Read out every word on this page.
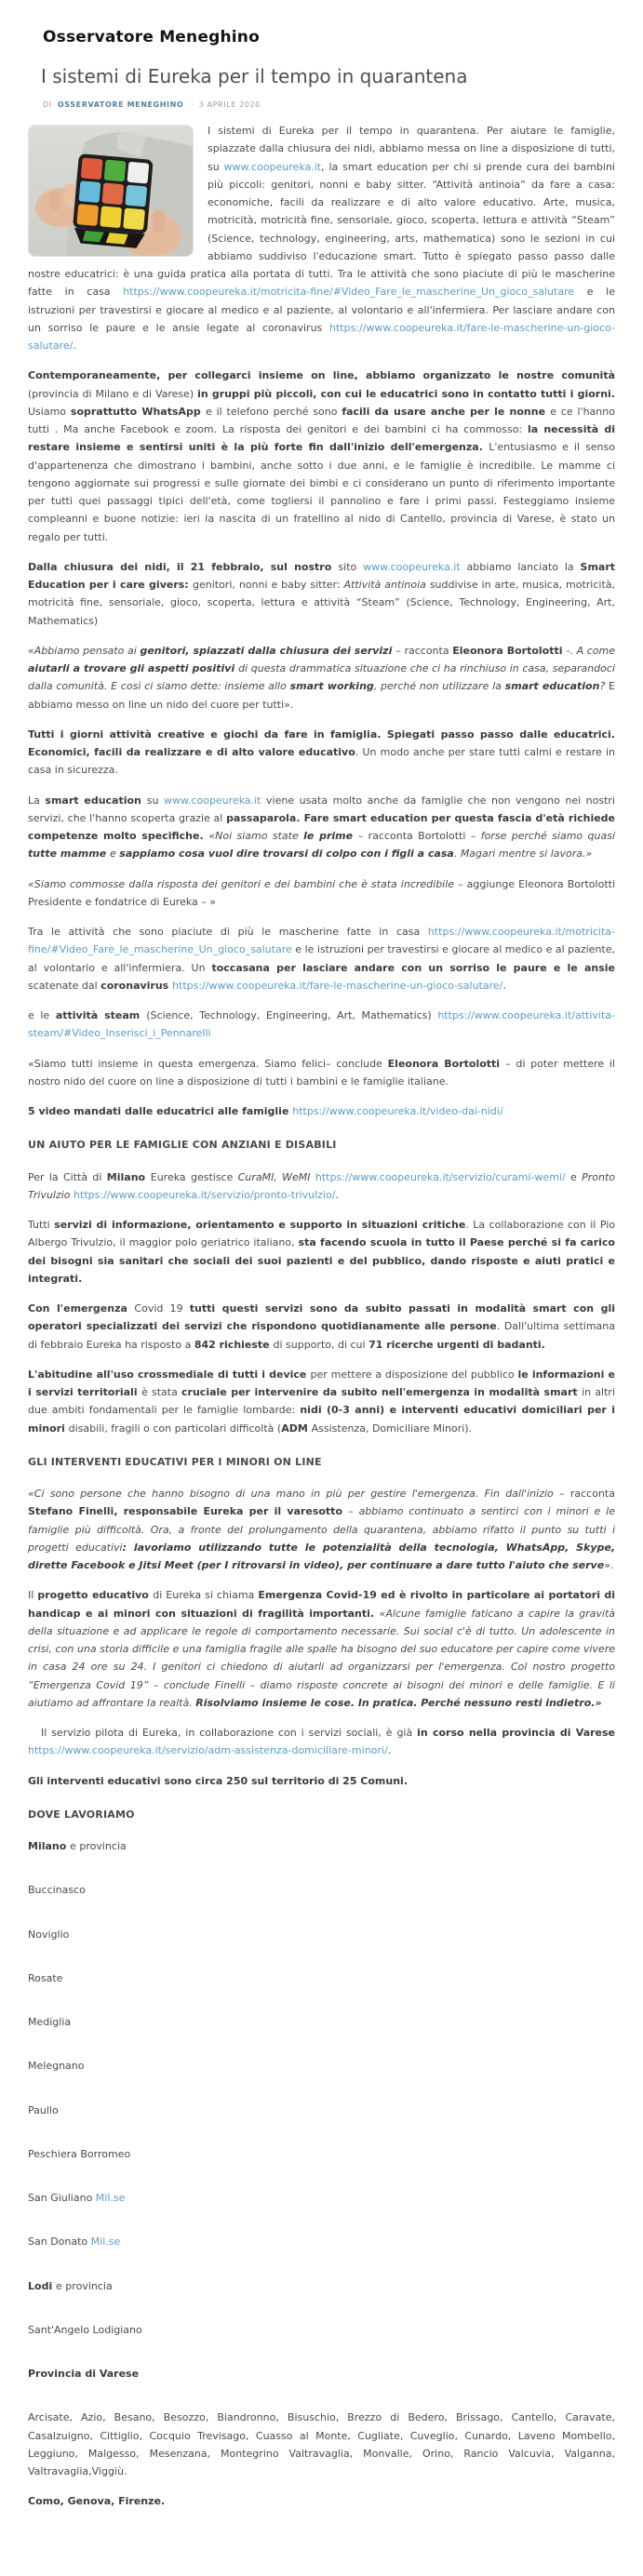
Osservatore Meneghino
I sistemi di Eureka per il tempo in quarantena
DI OSSERVATORE MENEGHINO · 3 APRILE 2020

I sistemi di Eureka per il tempo in quarantena. Per aiutare le famiglie, spiazzate dalla chiusura dei nidi, abbiamo messa on line a disposizione di tutti, su www.coopeureka.it, la smart education per chi si prende cura dei bambini più piccoli: genitori, nonni e baby sitter. “Attività antinoia” da fare a casa: economiche, facili da realizzare e di alto valore educativo. Arte, musica, motricità, motricità fine, sensoriale, gioco, scoperta, lettura e attività “Steam” (Science, technology, engineering, arts, mathematica) sono le sezioni in cui abbiamo suddiviso l'educazione smart. Tutto è spiegato passo passo dalle nostre educatrici: è una guida pratica alla portata di tutti. Tra le attività che sono piaciute di più le mascherine fatte in casa https://www.coopeureka.it/motricita-fine/#Video_Fare_le_mascherine_Un_gioco_salutare e le istruzioni per travestirsi e giocare al medico e al paziente, al volontario e all'infermiera. Per lasciare andare con un sorriso le paure e le ansie legate al coronavirus https://www.coopeureka.it/fare-le-mascherine-un-gioco-salutare/.

Contemporaneamente, per collegarci insieme on line, abbiamo organizzato le nostre comunità (provincia di Milano e di Varese) in gruppi più piccoli, con cui le educatrici sono in contatto tutti i giorni. Usiamo soprattutto WhatsApp e il telefono perché sono facili da usare anche per le nonne e ce l'hanno tutti . Ma anche Facebook e zoom. La risposta dei genitori e dei bambini ci ha commosso: la necessità di restare insieme e sentirsi uniti è la più forte fin dall'inizio dell'emergenza. L'entusiasmo e il senso d'appartenenza che dimostrano i bambini, anche sotto i due anni, e le famiglie è incredibile. Le mamme ci tengono aggiornate sui progressi e sulle giornate dei bimbi e ci considerano un punto di riferimento importante per tutti quei passaggi tipici dell'età, come togliersi il pannolino e fare i primi passi. Festeggiamo insieme compleanni e buone notizie: ieri la nascita di un fratellino al nido di Cantello, provincia di Varese, è stato un regalo per tutti.

Dalla chiusura dei nidi, il 21 febbraio, sul nostro sito www.coopeureka.it abbiamo lanciato la Smart Education per i care givers: genitori, nonni e baby sitter: Attività antinoia suddivise in arte, musica, motricità, motricità fine, sensoriale, gioco, scoperta, lettura e attività “Steam” (Science, Technology, Engineering, Art, Mathematics)

«Abbiamo pensato ai genitori, spiazzati dalla chiusura dei servizi – racconta Eleonora Bortolotti -. A come aiutarli a trovare gli aspetti positivi di questa drammatica situazione che ci ha rinchiuso in casa, separandoci dalla comunità. E così ci siamo dette: insieme allo smart working, perché non utilizzare la smart education? E abbiamo messo on line un nido del cuore per tutti».

Tutti i giorni attività creative e giochi da fare in famiglia. Spiegati passo passo dalle educatrici. Economici, facili da realizzare e di alto valore educativo. Un modo anche per stare tutti calmi e restare in casa in sicurezza.

La smart education su www.coopeureka.it viene usata molto anche da famiglie che non vengono nei nostri servizi, che l'hanno scoperta grazie al passaparola. Fare smart education per questa fascia d'età richiede competenze molto specifiche. «Noi siamo state le prime – racconta Bortolotti – forse perché siamo quasi tutte mamme e sappiamo cosa vuol dire trovarsi di colpo con i figli a casa. Magari mentre si lavora.»

«Siamo commosse dalla risposta dei genitori e dei bambini che è stata incredibile – aggiunge Eleonora Bortolotti Presidente e fondatrice di Eureka – »

Tra le attività che sono piaciute di più le mascherine fatte in casa https://www.coopeureka.it/motricita-fine/#Video_Fare_le_mascherine_Un_gioco_salutare e le istruzioni per travestirsi e giocare al medico e al paziente, al volontario e all'infermiera. Un toccasana per lasciare andare con un sorriso le paure e le ansie scatenate dal coronavirus https://www.coopeureka.it/fare-le-mascherine-un-gioco-salutare/.

e le attività steam (Science, Technology, Engineering, Art, Mathematics) https://www.coopeureka.it/attivita-steam/#Video_Inserisci_i_Pennarelli

«Siamo tutti insieme in questa emergenza. Siamo felici– conclude Eleonora Bortolotti – di poter mettere il nostro nido del cuore on line a disposizione di tutti i bambini e le famiglie italiane.

5 video mandati dalle educatrici alle famiglie https://www.coopeureka.it/video-dai-nidi/

UN AIUTO PER LE FAMIGLIE CON ANZIANI E DISABILI

Per la Città di Milano Eureka gestisce CuraMI, WeMI https://www.coopeureka.it/servizio/curami-wemi/ e Pronto Trivulzio https://www.coopeureka.it/servizio/pronto-trivulzio/.

Tutti servizi di informazione, orientamento e supporto in situazioni critiche. La collaborazione con il Pio Albergo Trivulzio, il maggior polo geriatrico italiano, sta facendo scuola in tutto il Paese perché si fa carico dei bisogni sia sanitari che sociali dei suoi pazienti e del pubblico, dando risposte e aiuti pratici e integrati.

Con l'emergenza Covid 19 tutti questi servizi sono da subito passati in modalità smart con gli operatori specializzati dei servizi che rispondono quotidianamente alle persone. Dall'ultima settimana di febbraio Eureka ha risposto a 842 richieste di supporto, di cui 71 ricerche urgenti di badanti.

L'abitudine all'uso crossmediale di tutti i device per mettere a disposizione del pubblico le informazioni e i servizi territoriali è stata cruciale per intervenire da subito nell'emergenza in modalità smart in altri due ambiti fondamentali per le famiglie lombarde: nidi (0-3 anni) e interventi educativi domiciliari per i minori disabili, fragili o con particolari difficoltà (ADM Assistenza, Domiciliare Minori).

GLI INTERVENTI EDUCATIVI PER I MINORI ON LINE

«Ci sono persone che hanno bisogno di una mano in più per gestire l'emergenza. Fin dall'inizio – racconta Stefano Finelli, responsabile Eureka per il varesotto – abbiamo continuato a sentirci con i minori e le famiglie più difficoltà. Ora, a fronte del prolungamento della quarantena, abbiamo rifatto il punto su tutti i progetti educativi: lavoriamo utilizzando tutte le potenzialità della tecnologia, WhatsApp, Skype, dirette Facebook e Jitsi Meet (per I ritrovarsi in video), per continuare a dare tutto l'aiuto che serve».

Il progetto educativo di Eureka si chiama Emergenza Covid-19 ed è rivolto in particolare ai portatori di handicap e ai minori con situazioni di fragilità importanti. «Alcune famiglie faticano a capire la gravità della situazione e ad applicare le regole di comportamento necessarie. Sui social c'è di tutto. Un adolescente in crisi, con una storia difficile e una famiglia fragile alle spalle ha bisogno del suo educatore per capire come vivere in casa 24 ore su 24. I genitori ci chiedono di aiutarli ad organizzarsi per l'emergenza. Col nostro progetto “Emergenza Covid 19” – conclude Finelli – diamo risposte concrete ai bisogni dei minori e delle famiglie. E li aiutiamo ad affrontare la realtà. Risolviamo insieme le cose. In pratica. Perché nessuno resti indietro.»

Il servizio pilota di Eureka, in collaborazione con i servizi sociali, è già in corso nella provincia di Varese https://www.coopeureka.it/servizio/adm-assistenza-domiciliare-minori/.

Gli interventi educativi sono circa 250 sul territorio di 25 Comuni.

DOVE LAVORIAMO

Milano e provincia

Buccinasco

Noviglio

Rosate

Mediglia

Melegnano

Paullo

Peschiera Borromeo

San Giuliano Mil.se

San Donato Mil.se

Lodi e provincia

Sant'Angelo Lodigiano

Provincia di Varese

Arcisate, Azio, Besano, Besozzo, Biandronno, Bisuschio, Brezzo di Bedero, Brissago, Cantello, Caravate, Casalzuigno, Cittiglio, Cocquio Trevisago, Cuasso al Monte, Cugliate, Cuveglio, Cunardo, Laveno Mombello, Leggiuno, Malgesso, Mesenzana, Montegrino Valtravaglia, Monvalle, Orino, Rancio Valcuvia, Valganna, Valtravaglia,Viggiù.

Como, Genova, Firenze.
